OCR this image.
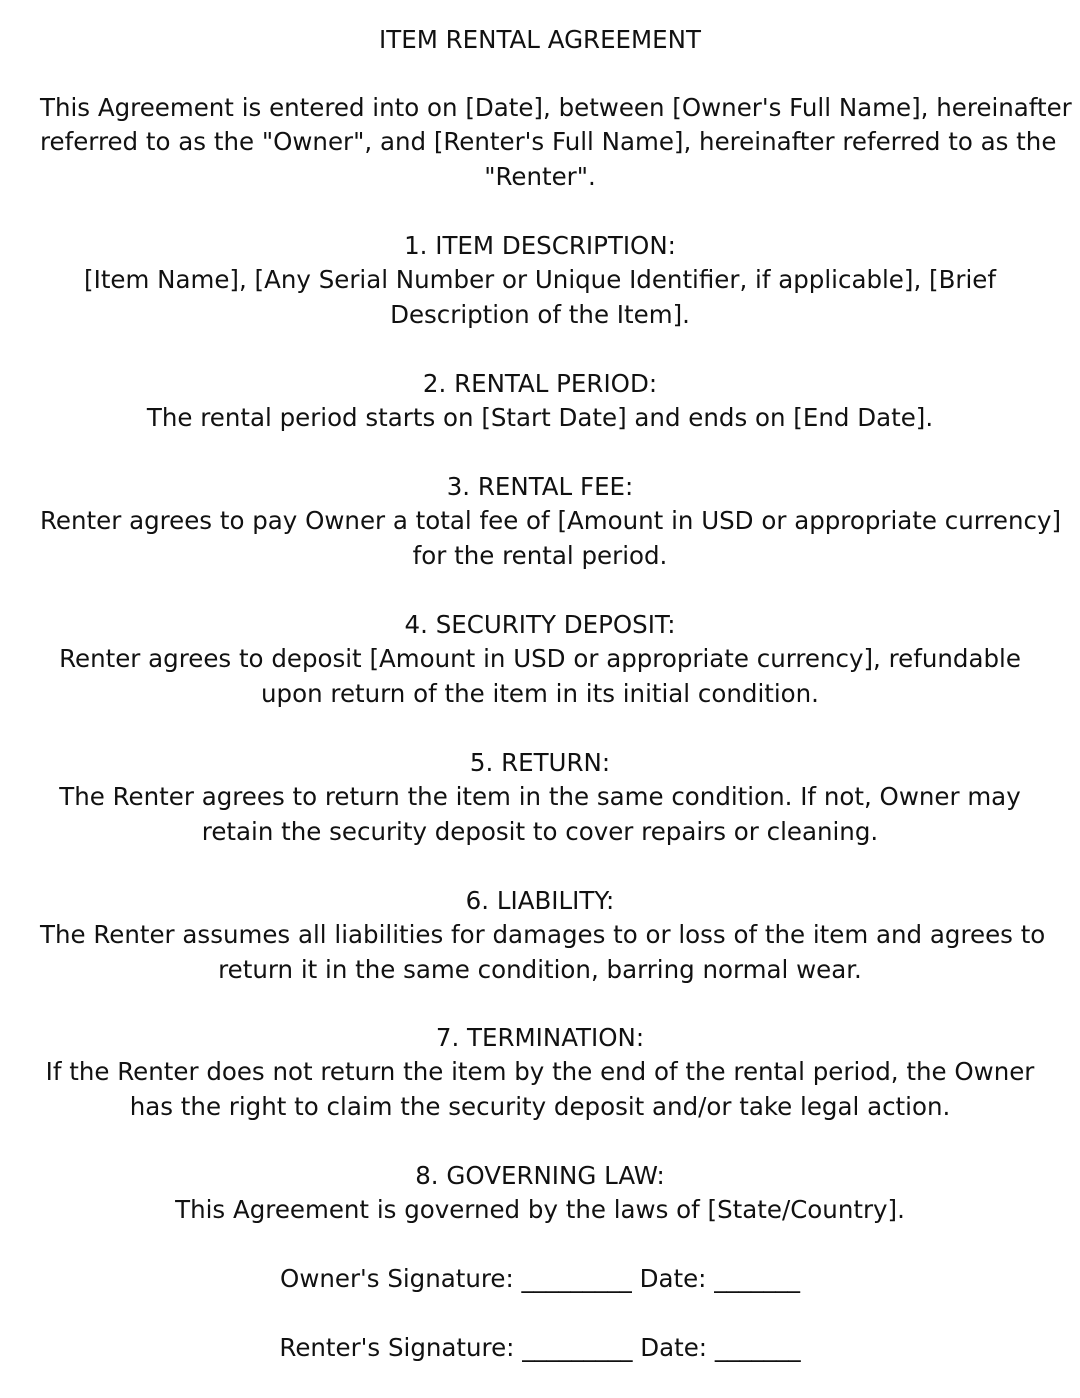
ITEM RENTAL AGREEMENT

This Agreement is entered into on [Date], between [Owner's Full Name], hereinafter
referred to as the "Owner", and [Renter's Full Name], hereinafter referred to as the
"Renter".

1. ITEM DESCRIPTION:
[Item Name], [Any Serial Number or Unique Identifier, if applicable], [Brief
Description of the Item].
2. RENTAL PERIOD:
The rental period starts on [Start Date] and ends on [End Date].
3. RENTAL FEE:
Renter agrees to pay Owner a total fee of [Amount in USD or appropriate currency]
for the rental period.
4. SECURITY DEPOSIT:
Renter agrees to deposit [Amount in USD or appropriate currency], refundable
upon return of the item in its initial condition.
5. RETURN:
The Renter agrees to return the item in the same condition. If not, Owner may
retain the security deposit to cover repairs or cleaning.
6. LIABILITY:
The Renter assumes all liabilities for damages to or loss of the item and agrees to
return it in the same condition, barring normal wear.
7. TERMINATION:
If the Renter does not return the item by the end of the rental period, the Owner
has the right to claim the security deposit and/or take legal action.
8. GOVERNING LAW:
This Agreement is governed by the laws of [State/Country].

Owner's Signature: _________ Date: _______

Renter's Signature: _________ Date: _______
